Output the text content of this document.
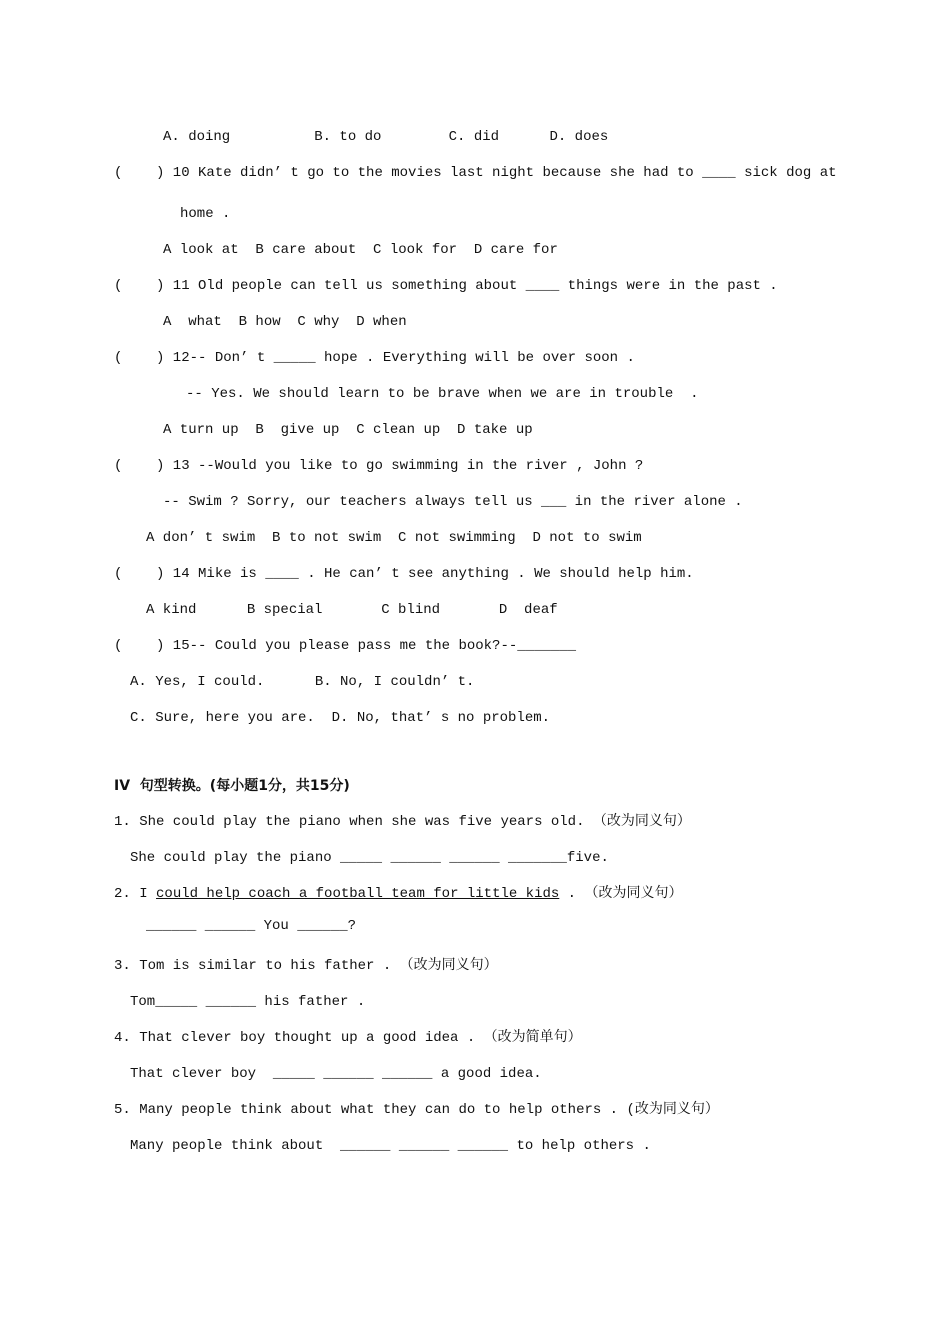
A. doing          B. to do        C. did      D. does
(    ) 10 Kate didn’ t go to the movies last night because she had to ____ sick dog at
home .
A look at  B care about  C look for  D care for
(    ) 11 Old people can tell us something about ____ things were in the past .
A  what  B how  C why  D when
(    ) 12-- Don’ t _____ hope . Everything will be over soon .
-- Yes. We should learn to be brave when we are in trouble  .
A turn up  B  give up  C clean up  D take up
(    ) 13 --Would you like to go swimming in the river , John ?
-- Swim ? Sorry, our teachers always tell us ___ in the river alone .
A don’ t swim  B to not swim  C not swimming  D not to swim
(    ) 14 Mike is ____ . He can’ t see anything . We should help him.
A kind      B special       C blind       D  deaf
(    ) 15-- Could you please pass me the book?--_______
A. Yes, I could.      B. No, I couldn’ t.
C. Sure, here you are.  D. No, that’ s no problem.
IV  句型转换。(每小题1分，共15分)
1. She could play the piano when she was five years old. （改为同义句）
She could play the piano _____ ______ ______ _______five.
2. I could help coach a football team for little kids . （改为同义句）
______ ______ You ______?
3. Tom is similar to his father . （改为同义句）
Tom_____ ______ his father .
4. That clever boy thought up a good idea . （改为简单句）
That clever boy  _____ ______ ______ a good idea.
5. Many people think about what they can do to help others . (改为同义句）
Many people think about  ______ ______ ______ to help others .
